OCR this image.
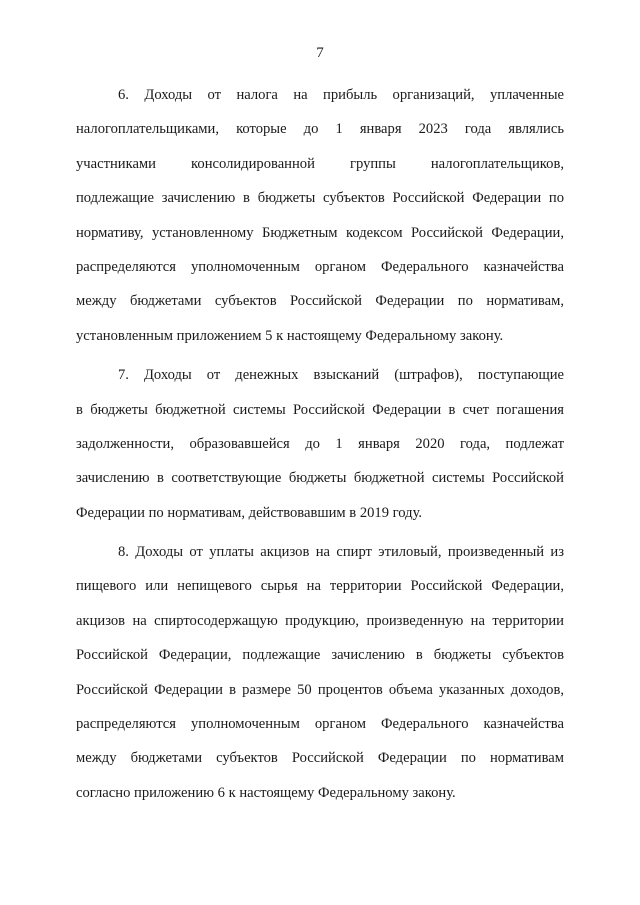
7
6. Доходы от налога на прибыль организаций, уплаченные
налогоплательщиками, которые до 1 января 2023 года являлись
участниками консолидированной группы налогоплательщиков,
подлежащие зачислению в бюджеты субъектов Российской Федерации по
нормативу, установленному Бюджетным кодексом Российской Федерации,
распределяются уполномоченным органом Федерального казначейства
между бюджетами субъектов Российской Федерации по нормативам,
установленным приложением 5 к настоящему Федеральному закону.
7. Доходы от денежных взысканий (штрафов), поступающие
в бюджеты бюджетной системы Российской Федерации в счет погашения
задолженности, образовавшейся до 1 января 2020 года, подлежат
зачислению в соответствующие бюджеты бюджетной системы Российской
Федерации по нормативам, действовавшим в 2019 году.
8. Доходы от уплаты акцизов на спирт этиловый, произведенный из
пищевого или непищевого сырья на территории Российской Федерации,
акцизов на спиртосодержащую продукцию, произведенную на территории
Российской Федерации, подлежащие зачислению в бюджеты субъектов
Российской Федерации в размере 50 процентов объема указанных доходов,
распределяются уполномоченным органом Федерального казначейства
между бюджетами субъектов Российской Федерации по нормативам
согласно приложению 6 к настоящему Федеральному закону.
